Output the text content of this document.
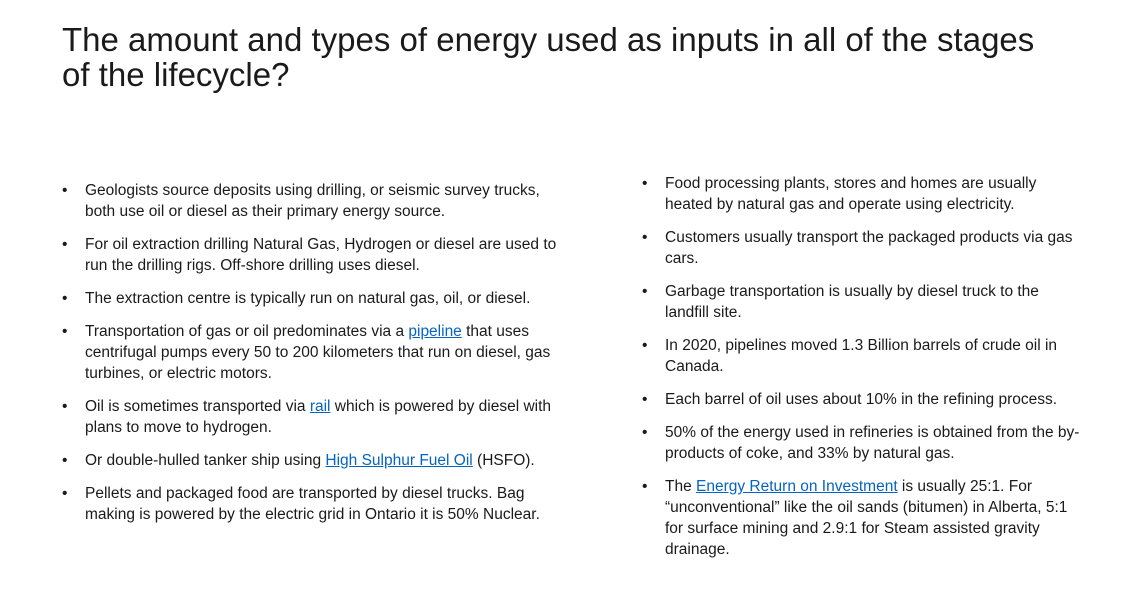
The amount and types of energy used as inputs in all of the stages of the lifecycle?
• Geologists source deposits using drilling, or seismic survey trucks, both use oil or diesel as their primary energy source.
• For oil extraction drilling Natural Gas, Hydrogen or diesel are used to run the drilling rigs. Off-shore drilling uses diesel.
• The extraction centre is typically run on natural gas, oil, or diesel.
• Transportation of gas or oil predominates via a pipeline that uses centrifugal pumps every 50 to 200 kilometers that run on diesel, gas turbines, or electric motors.
• Oil is sometimes transported via rail which is powered by diesel with plans to move to hydrogen.
• Or double-hulled tanker ship using High Sulphur Fuel Oil (HSFO).
• Pellets and packaged food are transported by diesel trucks. Bag making is powered by the electric grid in Ontario it is 50% Nuclear.
• Food processing plants, stores and homes are usually heated by natural gas and operate using electricity.
• Customers usually transport the packaged products via gas cars.
• Garbage transportation is usually by diesel truck to the landfill site.
• In 2020, pipelines moved 1.3 Billion barrels of crude oil in Canada.
• Each barrel of oil uses about 10% in the refining process.
• 50% of the energy used in refineries is obtained from the by-products of coke, and 33% by natural gas.
• The Energy Return on Investment is usually 25:1. For “unconventional” like the oil sands (bitumen) in Alberta, 5:1 for surface mining and 2.9:1 for Steam assisted gravity drainage.
